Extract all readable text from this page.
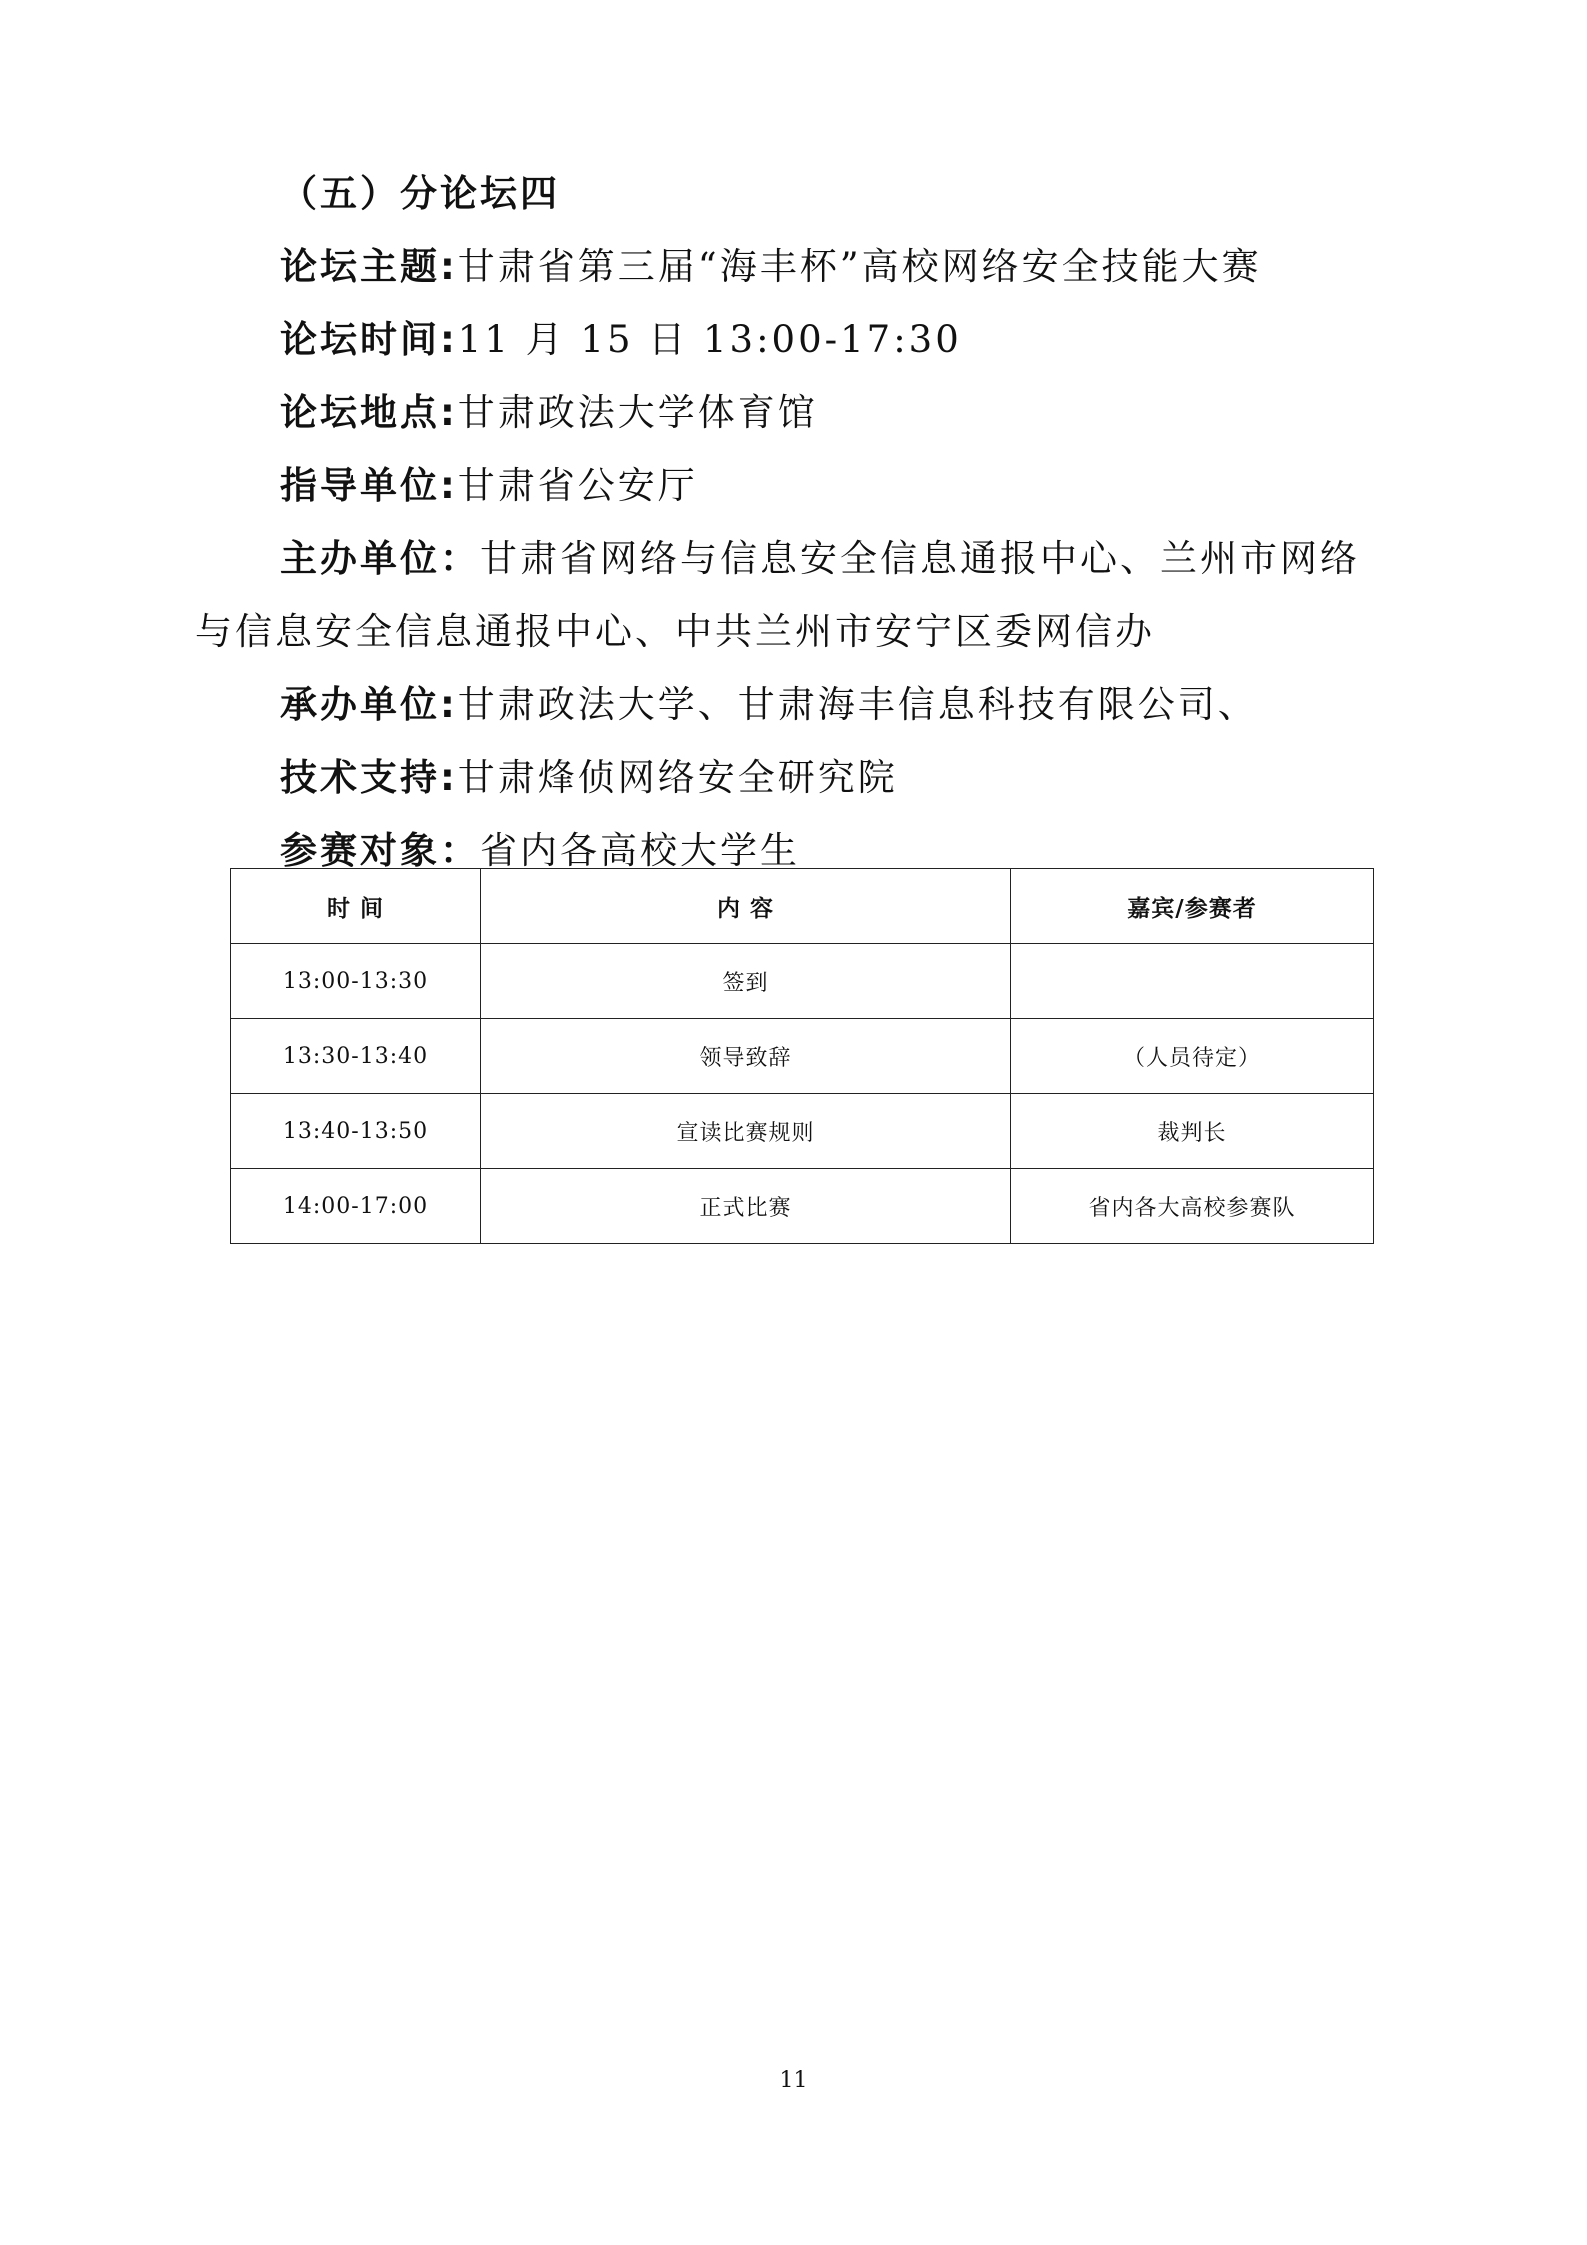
（五）分论坛四
论坛主题:甘肃省第三届“海丰杯”高校网络安全技能大赛
论坛时间:11 月 15 日 13:00-17:30
论坛地点:甘肃政法大学体育馆
指导单位:甘肃省公安厅
主办单位：甘肃省网络与信息安全信息通报中心、兰州市网络
与信息安全信息通报中心、中共兰州市安宁区委网信办
承办单位:甘肃政法大学、甘肃海丰信息科技有限公司、
技术支持:甘肃烽侦网络安全研究院
参赛对象：省内各高校大学生
时 间	内 容	嘉宾/参赛者
13:00-13:30	签到	
13:30-13:40	领导致辞	（人员待定）
13:40-13:50	宣读比赛规则	裁判长
14:00-17:00	正式比赛	省内各大高校参赛队
11
